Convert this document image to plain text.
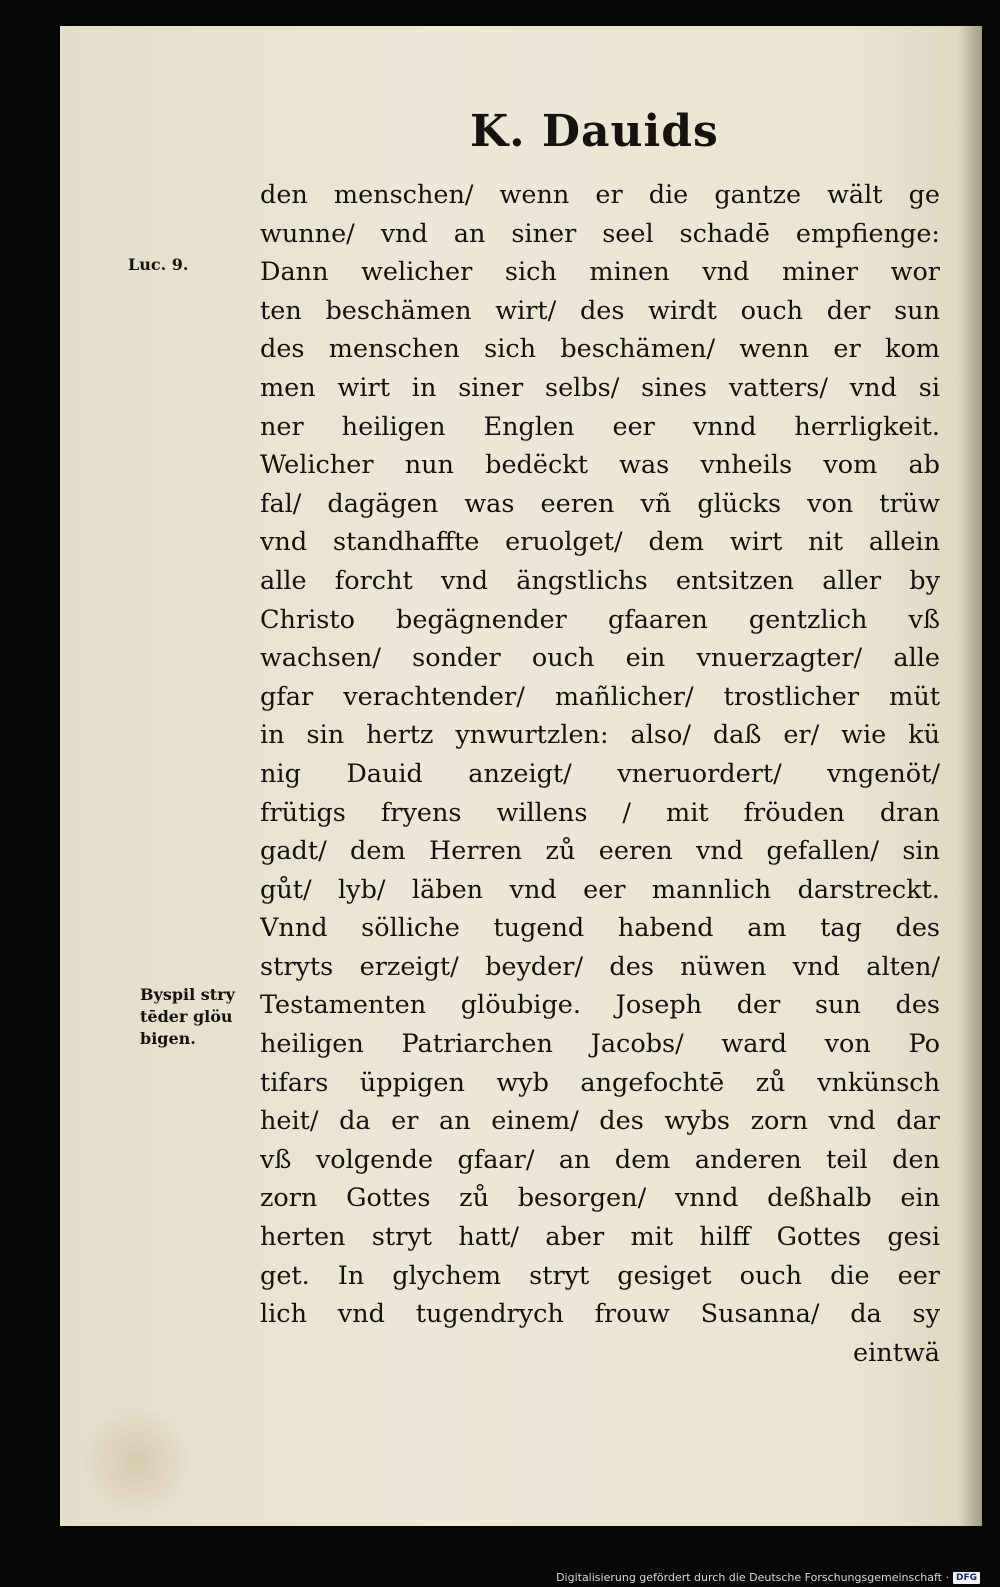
K. Dauids
Luc. 9.
Byspil stry
tēder glöu
bigen.
den menschen/ wenn er die gantze wält ge
wunne/ vnd an siner seel schadē empfienge:
Dann welicher sich minen vnd miner wor
ten beschämen wirt/ des wirdt ouch der sun
des menschen sich beschämen/ wenn er kom
men wirt in siner selbs/ sines vatters/ vnd si
ner heiligen Englen eer vnnd herrligkeit.
Welicher nun bedëckt was vnheils vom ab
fal/ dagägen was eeren vñ glücks von trüw
vnd standhaffte eruolget/ dem wirt nit allein
alle forcht vnd ängstlichs entsitzen aller by
Christo begägnender gfaaren gentzlich vß
wachsen/ sonder ouch ein vnuerzagter/ alle
gfar verachtender/ mañlicher/ trostlicher müt
in sin hertz ynwurtzlen: also/ daß er/ wie kü
nig Dauid anzeigt/ vneruordert/ vngenöt/
frütigs fryens willens / mit fröuden dran
gadt/ dem Herren zů eeren vnd gefallen/ sin
gůt/ lyb/ läben vnd eer mannlich darstreckt.
Vnnd sölliche tugend habend am tag des
stryts erzeigt/ beyder/ des nüwen vnd alten/
Testamenten glöubige. Joseph der sun des
heiligen Patriarchen Jacobs/ ward von Po
tifars üppigen wyb angefochtē zů vnkünsch
heit/ da er an einem/ des wybs zorn vnd dar
vß volgende gfaar/ an dem anderen teil den
zorn Gottes zů besorgen/ vnnd deßhalb ein
herten stryt hatt/ aber mit hilff Gottes gesi
get. In glychem stryt gesiget ouch die eer
lich vnd tugendrych frouw Susanna/ da sy
eintwä
Digitalisierung gefördert durch die Deutsche Forschungsgemeinschaft · DFG
